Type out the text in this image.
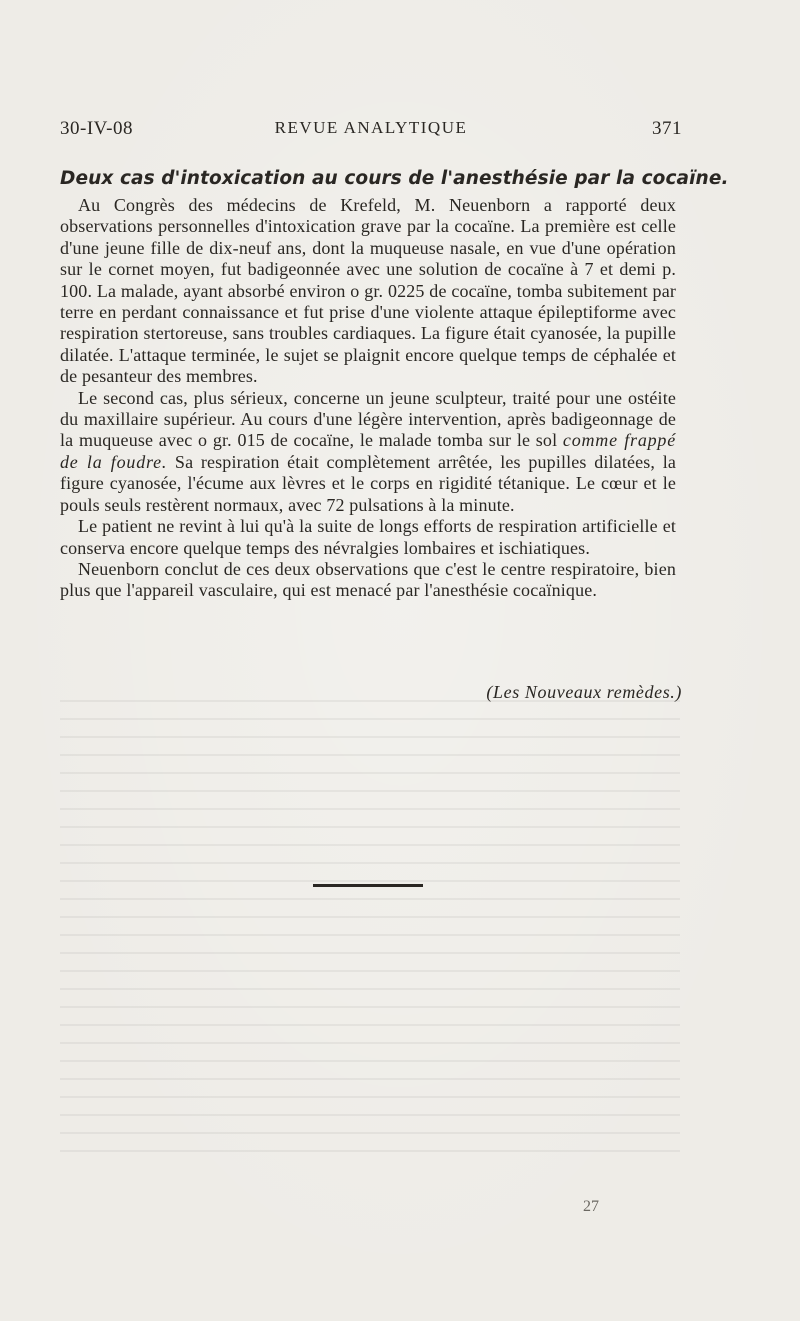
30-IV-08	REVUE ANALYTIQUE	371
Deux cas d'intoxication au cours de l'anesthésie par la cocaïne.

Au Congrès des médecins de Krefeld, M. Neuenborn a rapporté deux observations personnelles d'intoxication grave par la cocaïne. La première est celle d'une jeune fille de dix-neuf ans, dont la muqueuse nasale, en vue d'une opération sur le cornet moyen, fut badigeonnée avec une solution de cocaïne à 7 et demi p. 100. La malade, ayant absorbé environ o gr. 0225 de cocaïne, tomba subitement par terre en perdant connaissance et fut prise d'une violente attaque épileptiforme avec respiration stertoreuse, sans troubles cardiaques. La figure était cyanosée, la pupille dilatée. L'attaque terminée, le sujet se plaignit encore quelque temps de céphalée et de pesanteur des membres.

Le second cas, plus sérieux, concerne un jeune sculpteur, traité pour une ostéite du maxillaire supérieur. Au cours d'une légère intervention, après badigeonnage de la muqueuse avec o gr. 015 de cocaïne, le malade tomba sur le sol comme frappé de la foudre. Sa respiration était complètement arrêtée, les pupilles dilatées, la figure cyanosée, l'écume aux lèvres et le corps en rigidité tétanique. Le cœur et le pouls seuls restèrent normaux, avec 72 pulsations à la minute.

Le patient ne revint à lui qu'à la suite de longs efforts de respiration artificielle et conserva encore quelque temps des névralgies lombaires et ischiatiques.

Neuenborn conclut de ces deux observations que c'est le centre respiratoire, bien plus que l'appareil vasculaire, qui est menacé par l'anesthésie cocaïnique.

(Les Nouveaux remèdes.)
27
